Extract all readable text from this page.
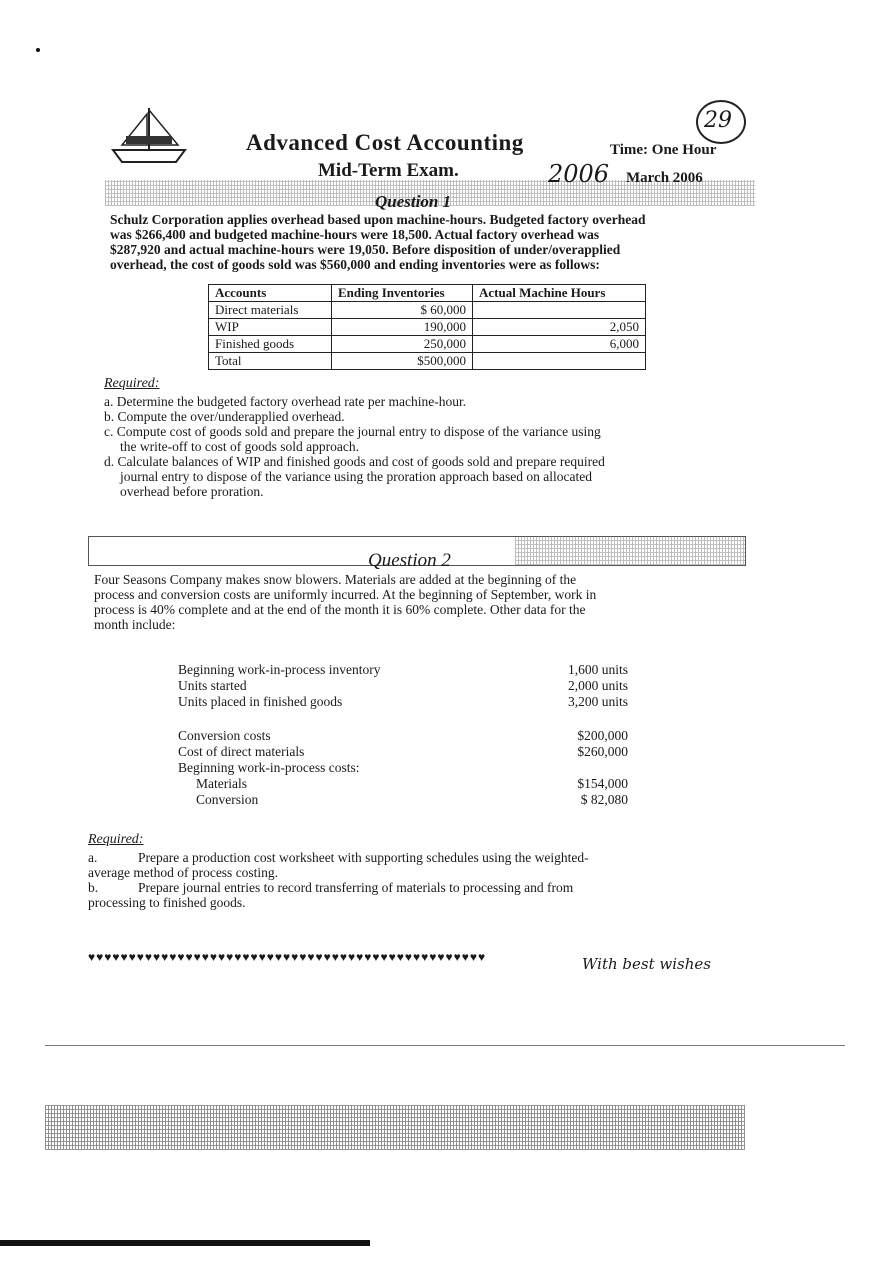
Advanced Cost Accounting
Mid-Term Exam.	2006
Time: One Hour
March 2006
29
Question 1
Schulz Corporation applies overhead based upon machine-hours. Budgeted factory overhead
was $266,400 and budgeted machine-hours were 18,500. Actual factory overhead was
$287,920 and actual machine-hours were 19,050. Before disposition of under/overapplied
overhead, the cost of goods sold was $560,000 and ending inventories were as follows:
Accounts	Ending Inventories	Actual Machine Hours
Direct materials	$ 60,000	
WIP	190,000	2,050
Finished goods	250,000	6,000
Total	$500,000	
Required:
a. Determine the budgeted factory overhead rate per machine-hour.
b. Compute the over/underapplied overhead.
c. Compute cost of goods sold and prepare the journal entry to dispose of the variance using
the write-off to cost of goods sold approach.
d. Calculate balances of WIP and finished goods and cost of goods sold and prepare required
journal entry to dispose of the variance using the proration approach based on allocated
overhead before proration.
Question 2
Four Seasons Company makes snow blowers. Materials are added at the beginning of the
process and conversion costs are uniformly incurred. At the beginning of September, work in
process is 40% complete and at the end of the month it is 60% complete. Other data for the
month include:
Beginning work-in-process inventory	1,600 units
Units started	2,000 units
Units placed in finished goods	3,200 units
Conversion costs	$200,000
Cost of direct materials	$260,000
Beginning work-in-process costs:
Materials	$154,000
Conversion	$ 82,080
Required:
a.	Prepare a production cost worksheet with supporting schedules using the weighted-
average method of process costing.
b.	Prepare journal entries to record transferring of materials to processing and from
processing to finished goods.
♥♥♥♥♥♥♥♥♥♥♥♥♥♥♥♥♥♥♥♥♥♥♥♥♥♥♥♥♥♥♥♥♥♥♥♥♥♥♥♥♥♥♥♥♥♥♥♥♥	With best wishes
